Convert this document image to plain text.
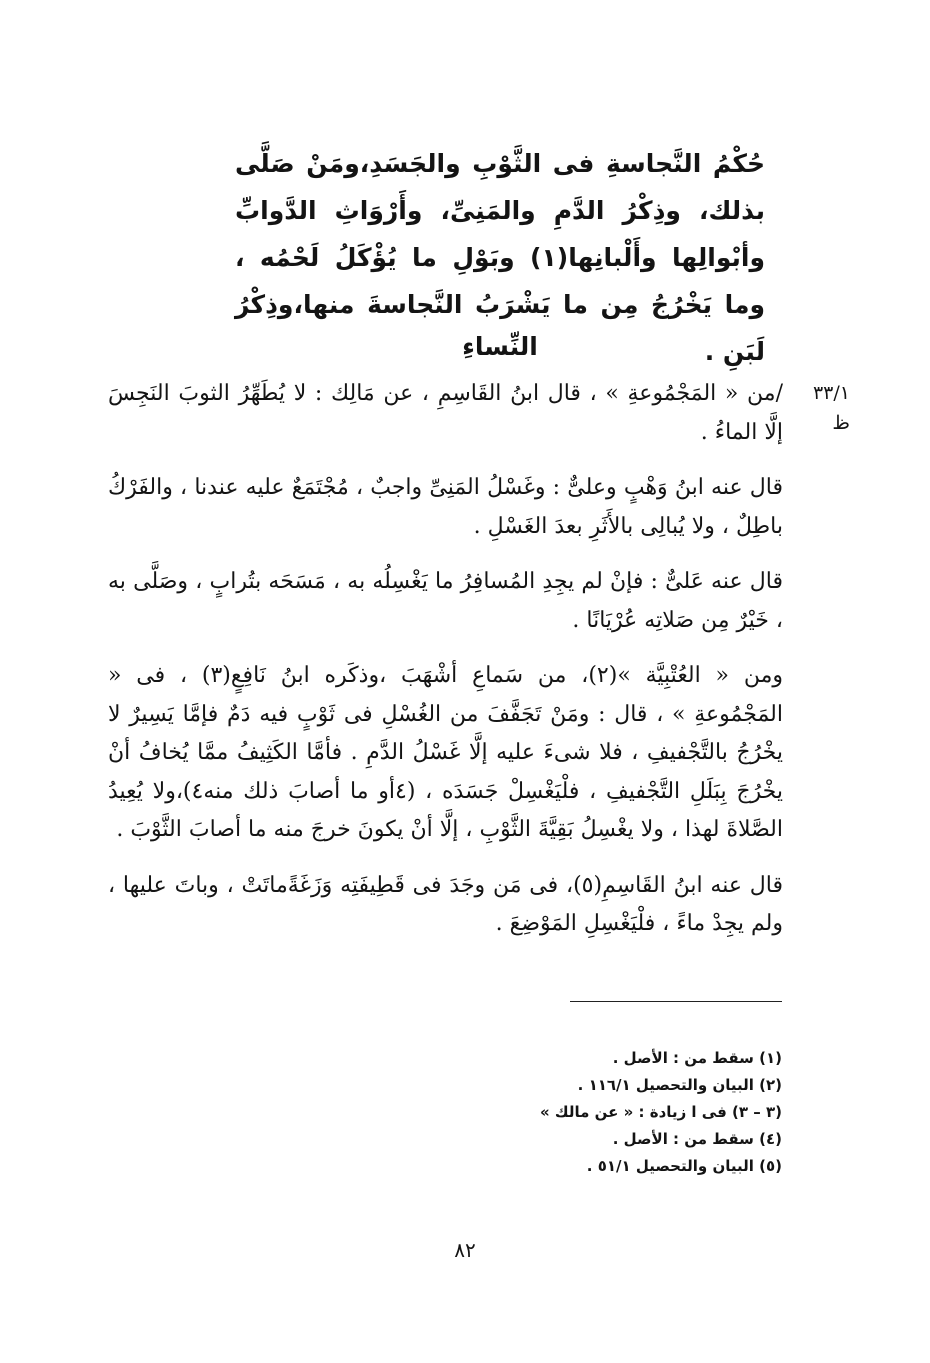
حُكْمُ النَّجاسةِ فى الثَّوْبِ والجَسَدِ،ومَنْ صَلَّى بذلك، وذِكْرُ الدَّمِ والمَنِىِّ، وأَرْوَاثِ الدَّوابِّ وأبْوالِها وأَلْبانِها(١) وبَوْلِ ما يُؤْكَلُ لَحْمُه ، وما يَخْرُجُ مِن ما يَشْرَبُ النَّجاسةَ منها،وذِكْرُ لَبَنِ .

النِّساءِ

٣٣/١ ظ

/من « المَجْمُوعةِ » ، قال ابنُ القَاسِمِ ، عن مَالِك : لا يُطَهِّرُ الثوبَ النَجِسَ إلَّا الماءُ .

قال عنه ابنُ وَهْبٍ وعلىٌّ : وغَسْلُ المَنِىِّ واجبٌ ، مُجْتَمَعٌ عليه عندنا ، والفَرْكُ باطِلٌ ، ولا يُبالِى بالأَثَرِ بعدَ الغَسْلِ .

قال عنه عَلىٌّ : فإنْ لم يجِدِ المُسافِرُ ما يَغْسِلُه به ، مَسَحَه بتُرابٍ ، وصَلَّى به ، خَيْرٌ مِن صَلاتِه عُرْيَانًا .

ومن « العُتْبِيَّة »(٢)، من سَماعِ أشْهَبَ ،وذكَره ابنُ نَافِعٍ(٣) ، فى « المَجْمُوعةِ » ، قال : ومَنْ تَجَفَّفَ من الغُسْلِ فى ثَوْبٍ فيه دَمٌ فإمَّا يَسِيرٌ لا يخْرُجُ بالتَّجْفيفِ ، فلا شىءَ عليه إلَّا غَسْلُ الدَّمِ . فأمَّا الكَثِيفُ ممَّا يُخافُ أنْ يخْرُجَ بِبَلَلِ التَّجْفيفِ ، فلْيَغْسِلْ جَسَدَه ، (٤أو ما أصابَ ذلك منه٤)،ولا يُعِيدُ الصَّلاةَ لهذا ، ولا يغْسِلُ بَقِيَّةَ الثَّوْبِ ، إلَّا أنْ يكونَ خرجَ منه ما أصابَ الثَّوْبَ .

قال عنه ابنُ القَاسِمِ(٥)، فى مَن وجَدَ فى قَطِيفَتِه وَزَغَةًماتَتْ ، وباتَ عليها ، ولم يجِدْ ماءً ، فلْيَغْسِلِ المَوْضِعَ .

(١) سقط من : الأصل .

(٢) البيان والتحصيل ١١٦/١ .

(٣ – ٣) فى ا زيادة : « عن مالك »

(٤) سقط من : الأصل .

(٥) البيان والتحصيل ٥١/١ .

٨٢
